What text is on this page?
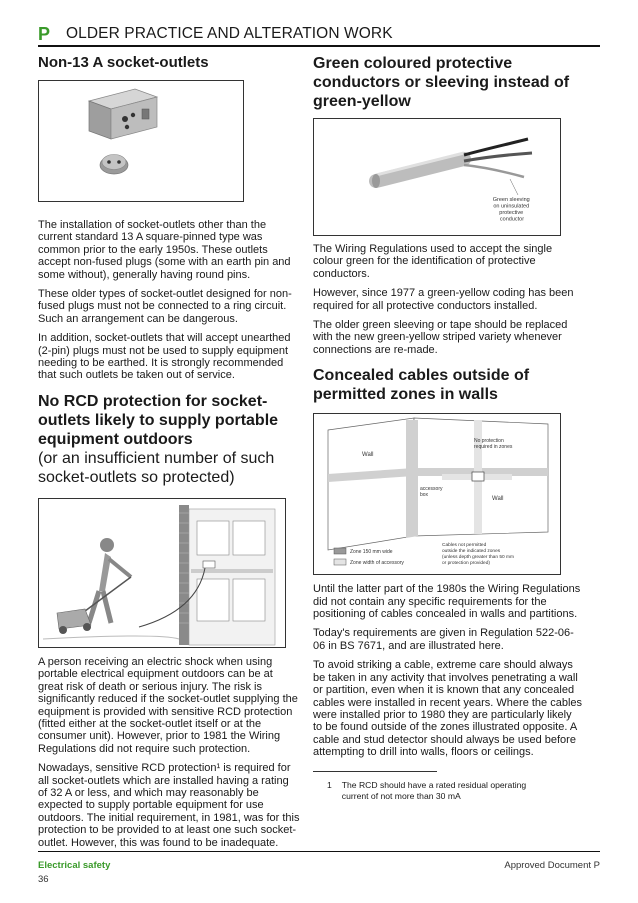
P OLDER PRACTICE AND ALTERATION WORK
Non-13 A socket-outlets

The installation of socket-outlets other than the current standard 13 A square-pinned type was common prior to the early 1950s. These outlets accept non-fused plugs (some with an earth pin and some without), generally having round pins.

These older types of socket-outlet designed for non-fused plugs must not be connected to a ring circuit. Such an arrangement can be dangerous.

In addition, socket-outlets that will accept unearthed (2-pin) plugs must not be used to supply equipment needing to be earthed. It is strongly recommended that such outlets be taken out of service.

No RCD protection for socket-outlets likely to supply portable equipment outdoors
(or an insufficient number of such socket-outlets so protected)

A person receiving an electric shock when using portable electrical equipment outdoors can be at great risk of death or serious injury. The risk is significantly reduced if the socket-outlet supplying the equipment is provided with sensitive RCD protection (fitted either at the socket-outlet itself or at the consumer unit). However, prior to 1981 the Wiring Regulations did not require such protection.

Nowadays, sensitive RCD protection¹ is required for all socket-outlets which are installed having a rating of 32 A or less, and which may reasonably be expected to supply portable equipment for use outdoors. The initial requirement, in 1981, was for this protection to be provided to at least one such socket-outlet. However, this was found to be inadequate.

Green coloured protective conductors or sleeving instead of green-yellow
Green sleeving on uninsulated protective conductor

The Wiring Regulations used to accept the single colour green for the identification of protective conductors.

However, since 1977 a green-yellow coding has been required for all protective conductors installed.

The older green sleeving or tape should be replaced with the new green-yellow striped variety whenever connections are re-made.

Concealed cables outside of permitted zones in walls
Wall
Wall
No protection required in zones
accessory box
Cables not permitted outside the indicated zones (unless depth greater than 50 mm or protection provided)
Zone 150 mm wide
Zone width of accessory

Until the latter part of the 1980s the Wiring Regulations did not contain any specific requirements for the positioning of cables concealed in walls and partitions.

Today's requirements are given in Regulation 522-06-06 in BS 7671, and are illustrated here.

To avoid striking a cable, extreme care should always be taken in any activity that involves penetrating a wall or partition, even when it is known that any concealed cables were installed in recent years. Where the cables were installed prior to 1980 they are particularly likely to be found outside of the zones illustrated opposite. A cable and stud detector should always be used before attempting to drill into walls, floors or ceilings.

1 The RCD should have a rated residual operating current of not more than 30 mA
Electrical safety
36
Approved Document P
